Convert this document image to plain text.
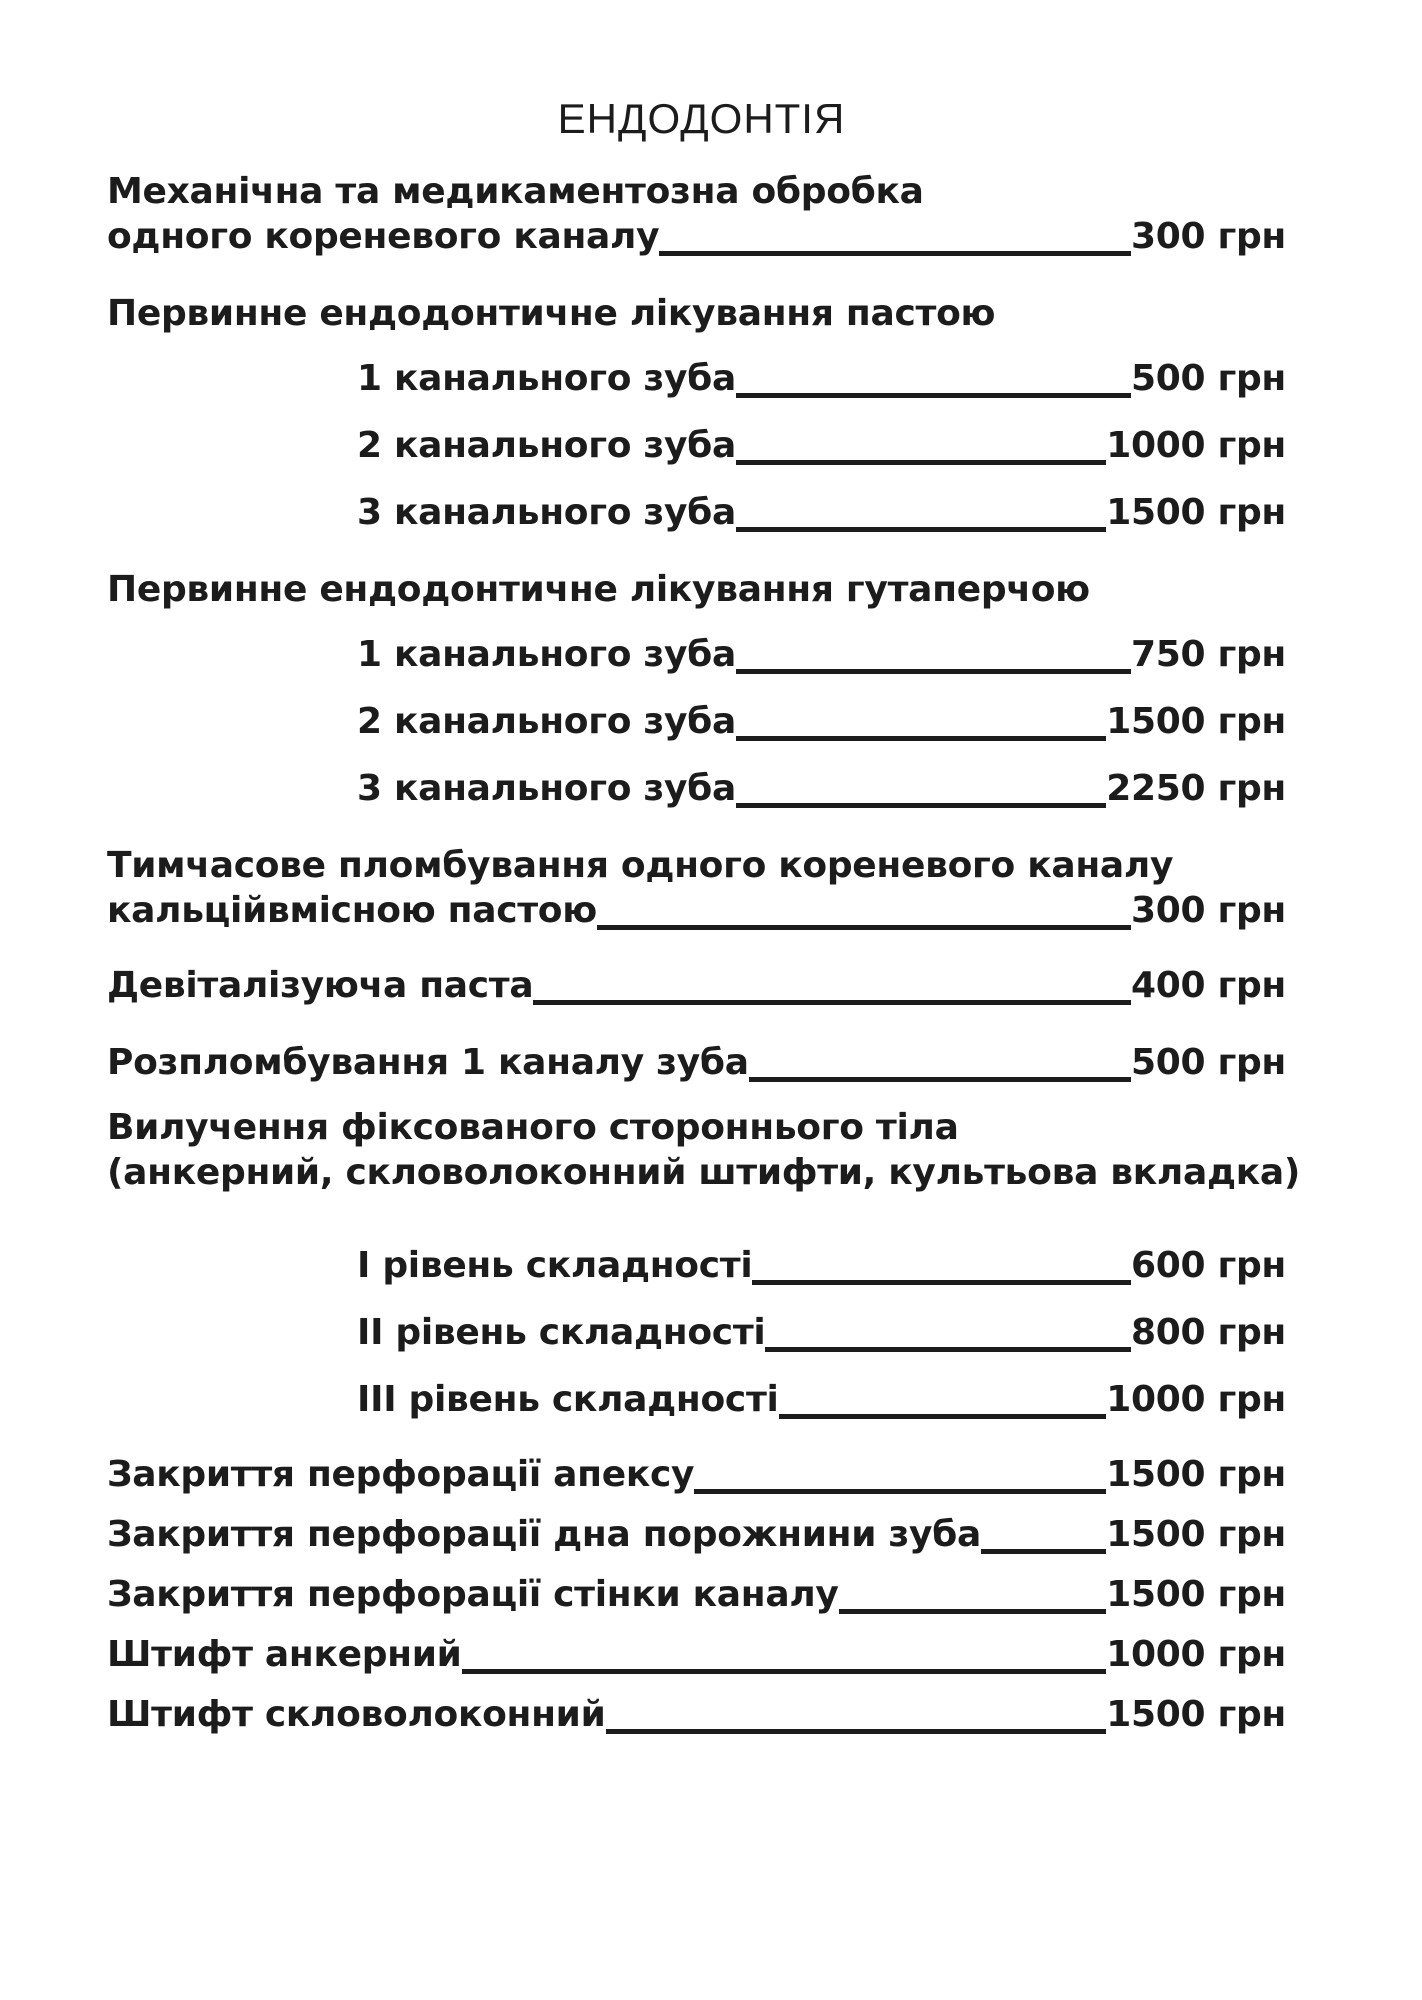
ЕНДОДОНТІЯ
Механічна та медикаментозна обробка
одного кореневого каналу	300 грн
Первинне ендодонтичне лікування пастою
1 канального зуба	500 грн
2 канального зуба	1000 грн
3 канального зуба	1500 грн
Первинне ендодонтичне лікування гутаперчою
1 канального зуба	750 грн
2 канального зуба	1500 грн
3 канального зуба	2250 грн
Тимчасове пломбування одного кореневого каналу
кальційвмісною пастою	300 грн
Девіталізуюча паста	400 грн
Розпломбування 1 каналу зуба	500 грн
Вилучення фіксованого стороннього тіла
(анкерний, скловолоконний штифти, культьова вкладка)
I рівень складності	600 грн
II рівень складності	800 грн
III рівень складності	1000 грн
Закриття перфорації апексу	1500 грн
Закриття перфорації дна порожнини зуба	1500 грн
Закриття перфорації стінки каналу	1500 грн
Штифт анкерний	1000 грн
Штифт скловолоконний	1500 грн
